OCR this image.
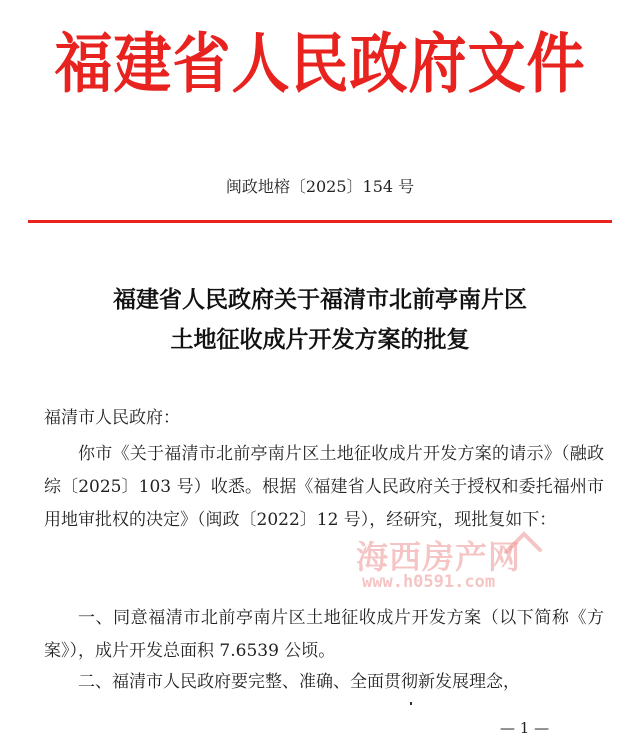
福建省人民政府文件
闽政地榕〔2025〕154 号
福建省人民政府关于福清市北前亭南片区
土地征收成片开发方案的批复
福清市人民政府：

你市《关于福清市北前亭南片区土地征收成片开发方案的请示》（融政综〔2025〕103 号）收悉。根据《福建省人民政府关于授权和委托福州市用地审批权的决定》（闽政〔2022〕12 号），经研究，现批复如下：

一、同意福清市北前亭南片区土地征收成片开发方案（以下简称《方案》），成片开发总面积 7.6539 公顷。

二、福清市人民政府要完整、准确、全面贯彻新发展理念，

海西房产网
www.h0591.com
— 1 —
